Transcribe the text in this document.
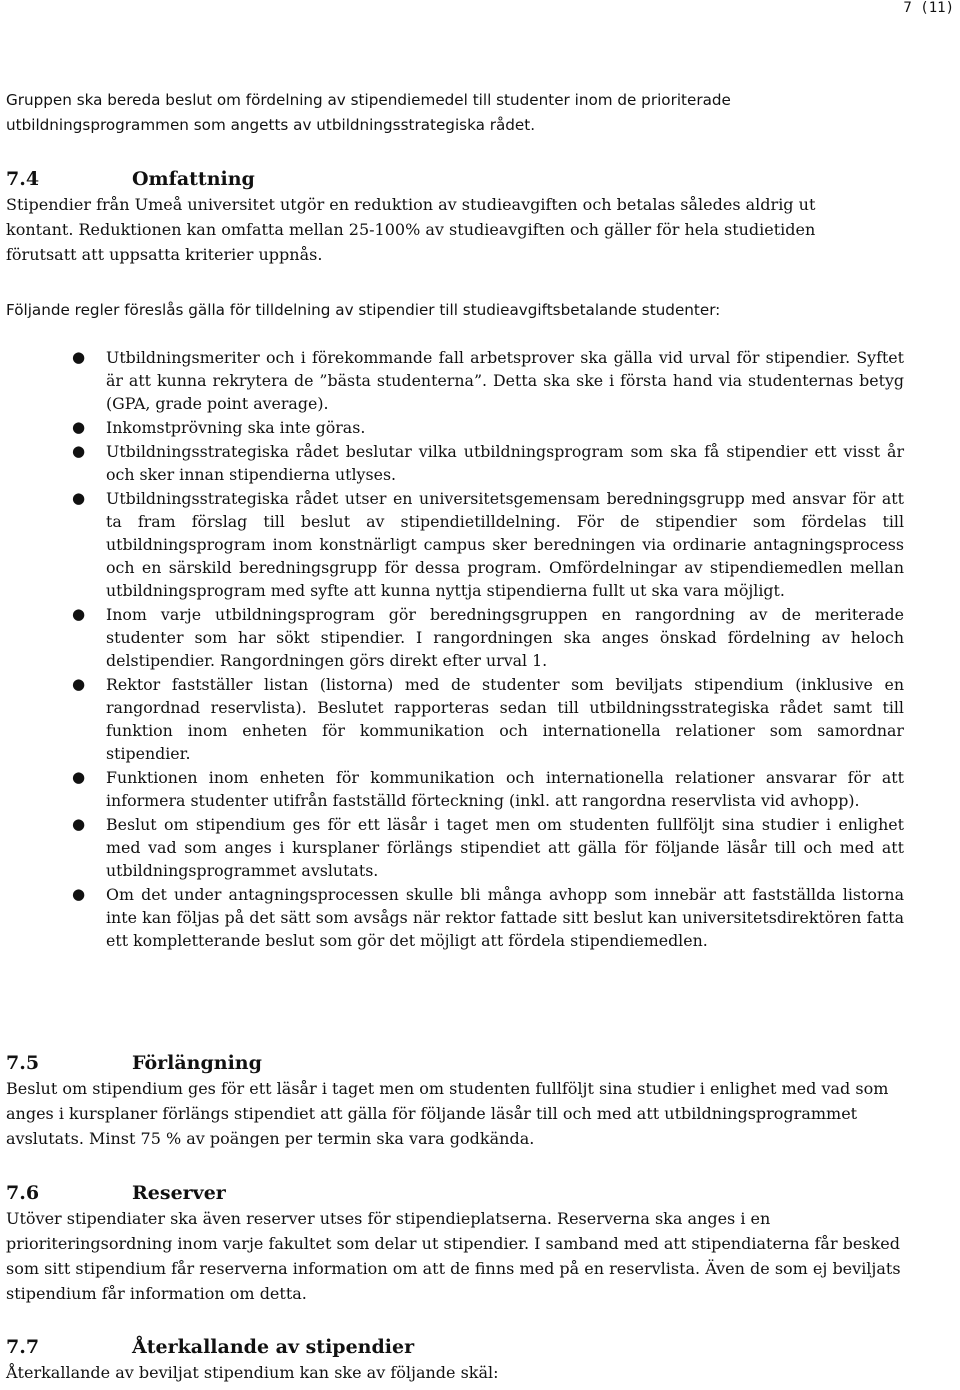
7 (11)

Gruppen ska bereda beslut om fördelning av stipendiemedel till studenter inom de prioriterade utbildningsprogrammen som angetts av utbildningsstrategiska rådet.

7.4	Omfattning

Stipendier från Umeå universitet utgör en reduktion av studieavgiften och betalas således aldrig ut kontant. Reduktionen kan omfatta mellan 25-100% av studieavgiften och gäller för hela studietiden förutsatt att uppsatta kriterier uppnås.

Följande regler föreslås gälla för tilldelning av stipendier till studieavgiftsbetalande studenter:

● Utbildningsmeriter och i förekommande fall arbetsprover ska gälla vid urval för stipendier. Syftet är att kunna rekrytera de ”bästa studenterna”. Detta ska ske i första hand via studenternas betyg (GPA, grade point average).
● Inkomstprövning ska inte göras.
● Utbildningsstrategiska rådet beslutar vilka utbildningsprogram som ska få stipendier ett visst år och sker innan stipendierna utlyses.
● Utbildningsstrategiska rådet utser en universitetsgemensam beredningsgrupp med ansvar för att ta fram förslag till beslut av stipendietilldelning. För de stipendier som fördelas till utbildningsprogram inom konstnärligt campus sker beredningen via ordinarie antagningsprocess och en särskild beredningsgrupp för dessa program. Omfördelningar av stipendiemedlen mellan utbildningsprogram med syfte att kunna nyttja stipendierna fullt ut ska vara möjligt.
● Inom varje utbildningsprogram gör beredningsgruppen en rangordning av de meriterade studenter som har sökt stipendier. I rangordningen ska anges önskad fördelning av heloch delstipendier. Rangordningen görs direkt efter urval 1.
● Rektor fastställer listan (listorna) med de studenter som beviljats stipendium (inklusive en rangordnad reservlista). Beslutet rapporteras sedan till utbildningsstrategiska rådet samt till funktion inom enheten för kommunikation och internationella relationer som samordnar stipendier.
● Funktionen inom enheten för kommunikation och internationella relationer ansvarar för att informera studenter utifrån fastställd förteckning (inkl. att rangordna reservlista vid avhopp).
● Beslut om stipendium ges för ett läsår i taget men om studenten fullföljt sina studier i enlighet med vad som anges i kursplaner förlängs stipendiet att gälla för följande läsår till och med att utbildningsprogrammet avslutats.
● Om det under antagningsprocessen skulle bli många avhopp som innebär att fastställda listorna inte kan följas på det sätt som avsågs när rektor fattade sitt beslut kan universitetsdirektören fatta ett kompletterande beslut som gör det möjligt att fördela stipendiemedlen.
7.5	Förlängning

Beslut om stipendium ges för ett läsår i taget men om studenten fullföljt sina studier i enlighet med vad som anges i kursplaner förlängs stipendiet att gälla för följande läsår till och med att utbildningsprogrammet avslutats. Minst 75 % av poängen per termin ska vara godkända.

7.6	Reserver

Utöver stipendiater ska även reserver utses för stipendieplatserna. Reserverna ska anges i en prioriteringsordning inom varje fakultet som delar ut stipendier. I samband med att stipendiaterna får besked som sitt stipendium får reserverna information om att de finns med på en reservlista. Även de som ej beviljats stipendium får information om detta.

7.7	Återkallande av stipendier

Återkallande av beviljat stipendium kan ske av följande skäl:
